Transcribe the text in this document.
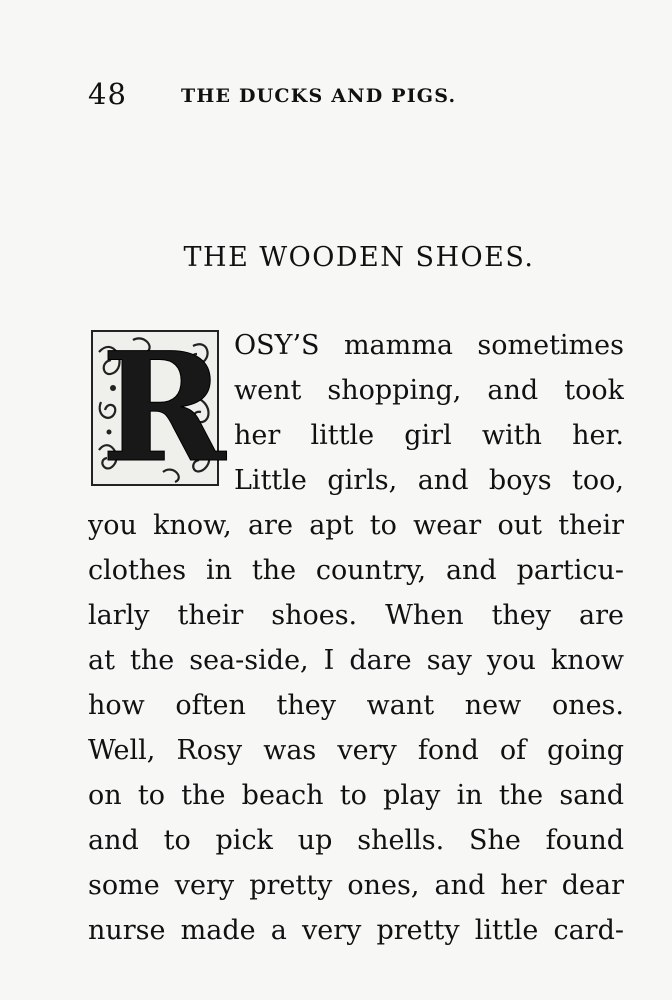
48	THE DUCKS AND PIGS.
THE WOODEN SHOES.
R OSY’S mamma sometimes
went shopping, and took
her little girl with her.
Little girls, and boys too,
you know, are apt to wear out their
clothes in the country, and particu-
larly their shoes. When they are
at the sea-side, I dare say you know
how often they want new ones.
Well, Rosy was very fond of going
on to the beach to play in the sand
and to pick up shells. She found
some very pretty ones, and her dear
nurse made a very pretty little card-
